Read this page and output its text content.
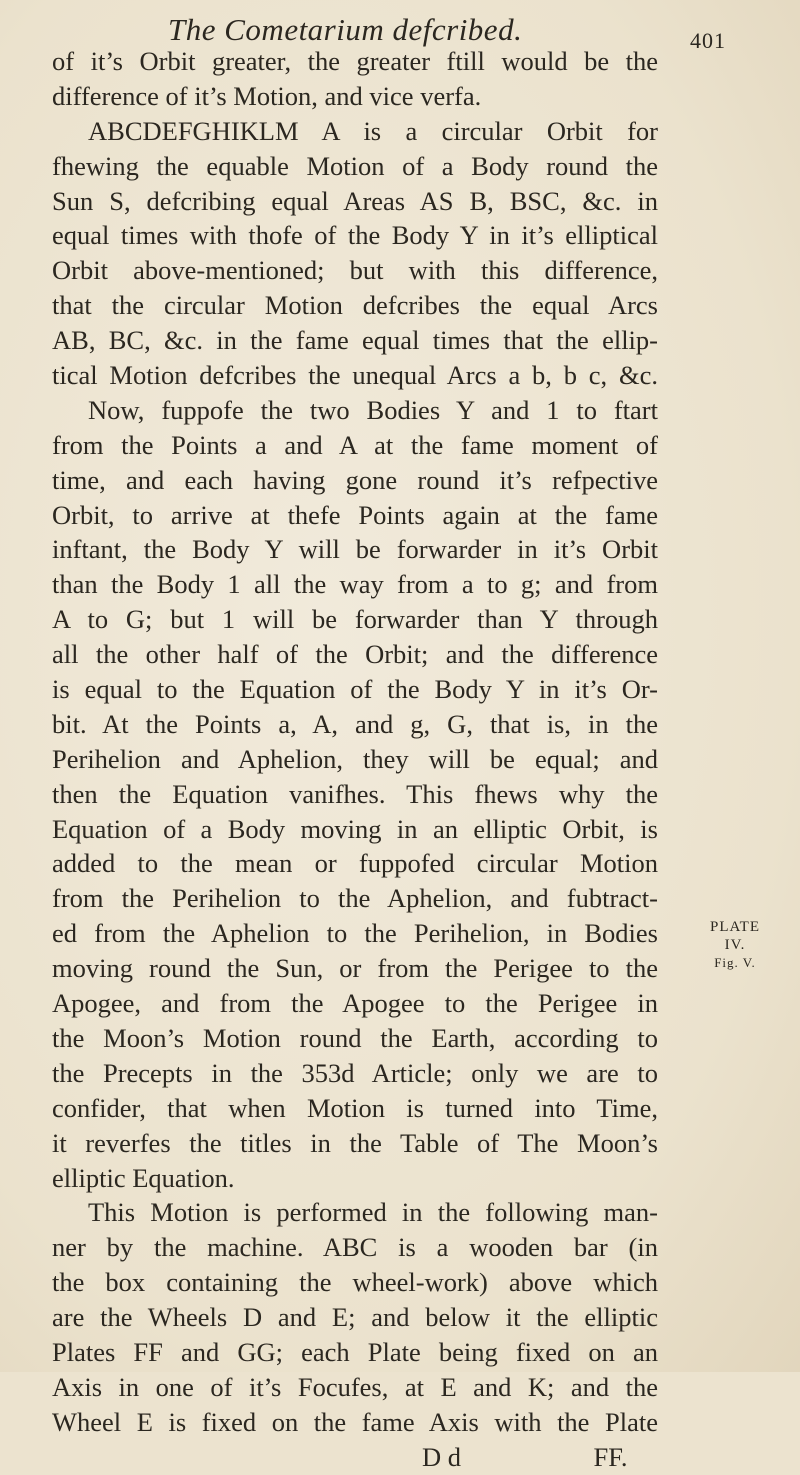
The Cometarium defcribed.	401
of it’s Orbit greater, the greater ftill would be the
difference of it’s Motion, and vice verfa.
ABCDEFGHIKLM A is a circular Orbit for
fhewing the equable Motion of a Body round the
Sun S, defcribing equal Areas AS B, BSC, &c. in
equal times with thofe of the Body Y in it’s elliptical
Orbit above-mentioned; but with this difference,
that the circular Motion defcribes the equal Arcs
AB, BC, &c. in the fame equal times that the ellip-
tical Motion defcribes the unequal Arcs a b, b c, &c.
Now, fuppofe the two Bodies Y and 1 to ftart
from the Points a and A at the fame moment of
time, and each having gone round it’s refpective
Orbit, to arrive at thefe Points again at the fame
inftant, the Body Y will be forwarder in it’s Orbit
than the Body 1 all the way from a to g; and from
A to G; but 1 will be forwarder than Y through
all the other half of the Orbit; and the difference
is equal to the Equation of the Body Y in it’s Or-
bit. At the Points a, A, and g, G, that is, in the
Perihelion and Aphelion, they will be equal; and
then the Equation vanifhes. This fhews why the
Equation of a Body moving in an elliptic Orbit, is
added to the mean or fuppofed circular Motion
from the Perihelion to the Aphelion, and fubtract-
ed from the Aphelion to the Perihelion, in Bodies
moving round the Sun, or from the Perigee to the
Apogee, and from the Apogee to the Perigee in
the Moon’s Motion round the Earth, according to
the Precepts in the 353d Article; only we are to
confider, that when Motion is turned into Time,
it reverfes the titles in the Table of The Moon’s
elliptic Equation.
This Motion is performed in the following man-
ner by the machine. ABC is a wooden bar (in
the box containing the wheel-work) above which
are the Wheels D and E; and below it the elliptic
Plates FF and GG; each Plate being fixed on an
Axis in one of it’s Focufes, at E and K; and the
Wheel E is fixed on the fame Axis with the Plate
D d                    FF.
PLATE
IV.
Fig. V.
